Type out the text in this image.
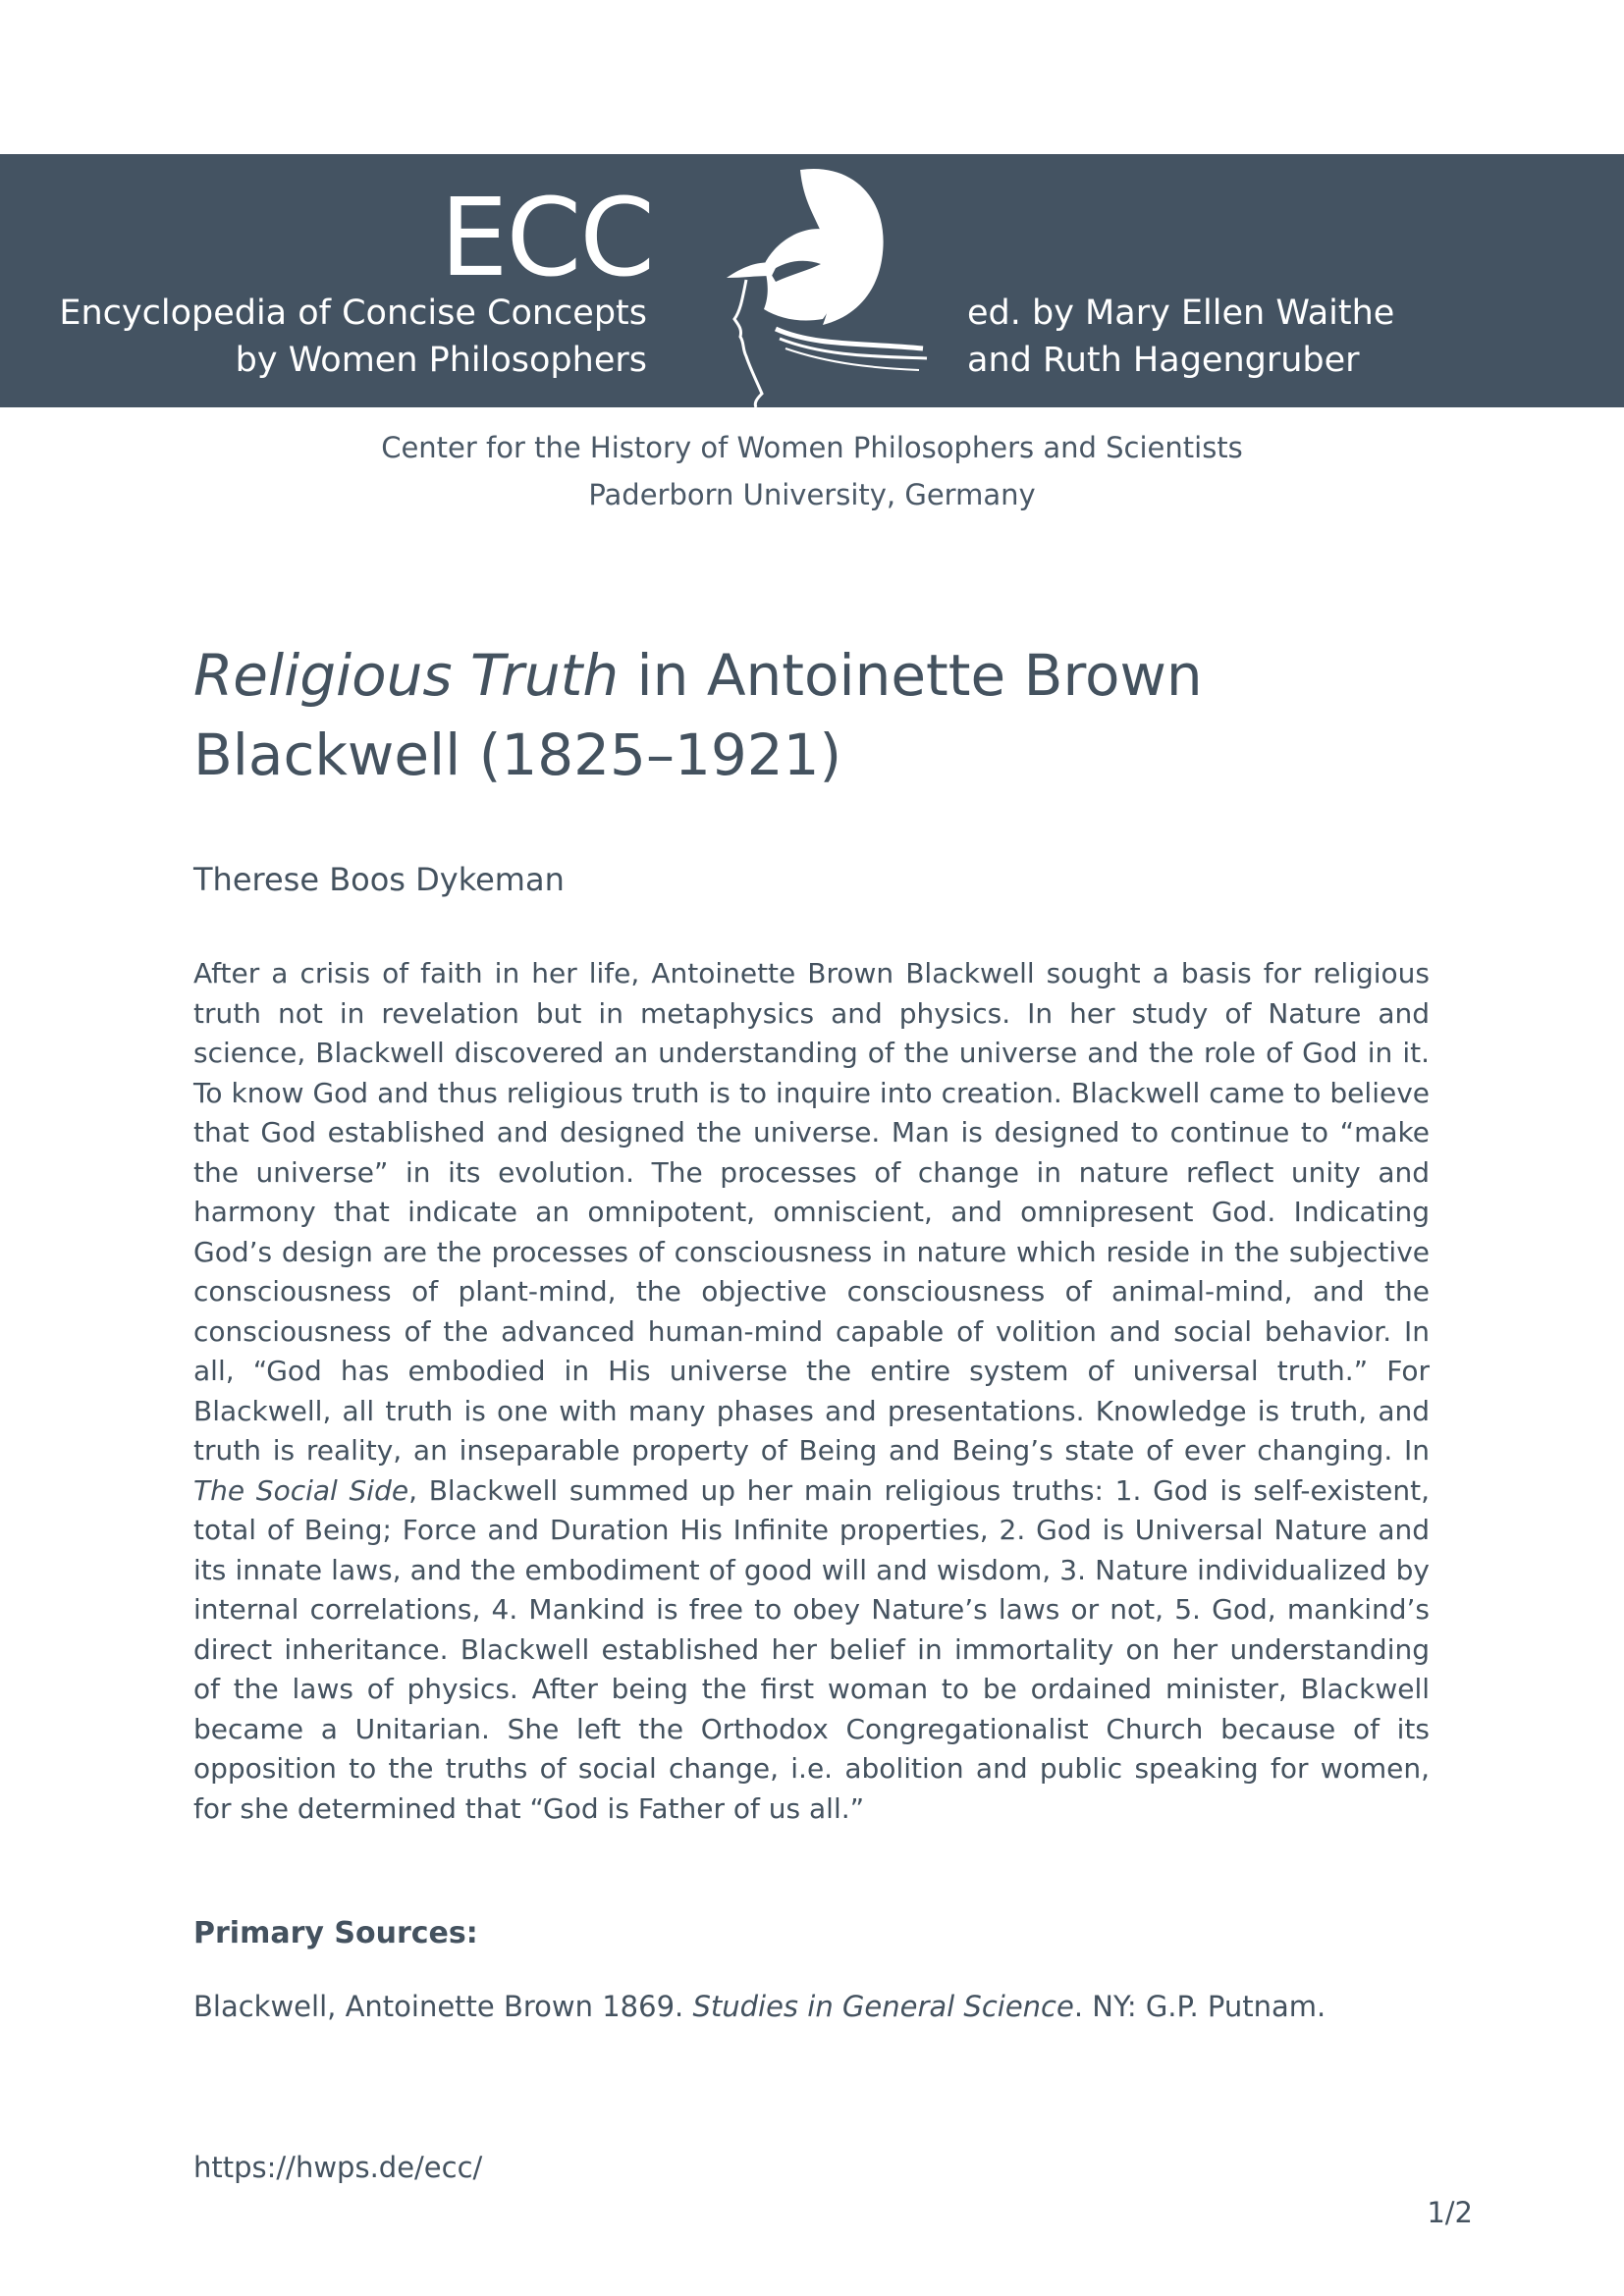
ECC
Encyclopedia of Concise Concepts
by Women Philosophers
ed. by Mary Ellen Waithe
and Ruth Hagengruber
Center for the History of Women Philosophers and Scientists
Paderborn University, Germany
Religious Truth in Antoinette Brown Blackwell (1825–1921)
Therese Boos Dykeman
After a crisis of faith in her life, Antoinette Brown Blackwell sought a basis for religious truth not in revelation but in metaphysics and physics. In her study of Nature and science, Blackwell discovered an understanding of the universe and the role of God in it. To know God and thus religious truth is to inquire into creation. Blackwell came to believe that God established and designed the universe. Man is designed to continue to “make the universe” in its evolution. The processes of change in nature reflect unity and harmony that indicate an omnipotent, omniscient, and omnipresent God. Indicating God’s design are the processes of consciousness in nature which reside in the subjective consciousness of plant-mind, the objective consciousness of animal-mind, and the consciousness of the advanced human-mind capable of volition and social behavior. In all, “God has embodied in His universe the entire system of universal truth.” For Blackwell, all truth is one with many phases and presentations. Knowledge is truth, and truth is reality, an inseparable property of Being and Being’s state of ever changing. In The Social Side, Blackwell summed up her main religious truths: 1. God is self-existent, total of Being; Force and Duration His Infinite properties, 2. God is Universal Nature and its innate laws, and the embodiment of good will and wisdom, 3. Nature individualized by internal correlations, 4. Mankind is free to obey Nature’s laws or not, 5. God, mankind’s direct inheritance. Blackwell established her belief in immortality on her understanding of the laws of physics. After being the first woman to be ordained minister, Blackwell became a Unitarian. She left the Orthodox Congregationalist Church because of its opposition to the truths of social change, i.e. abolition and public speaking for women, for she determined that “God is Father of us all.”
Primary Sources:
Blackwell, Antoinette Brown 1869. Studies in General Science. NY: G.P. Putnam.
https://hwps.de/ecc/
1/2
